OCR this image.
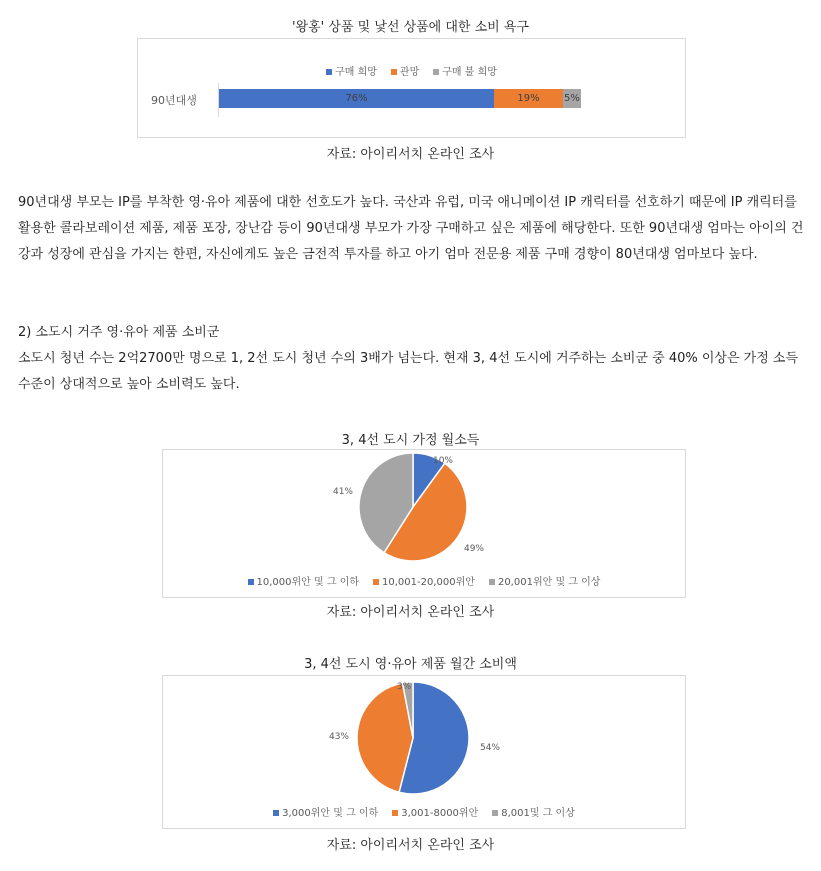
'왕홍' 상품 및 낯선 상품에 대한 소비 욕구
구매 희망 관망 구매 불 희망
90년대생	76%	19%	5%
자료: 아이리서치 온라인 조사
90년대생 부모는 IP를 부착한 영·유아 제품에 대한 선호도가 높다. 국산과 유럽, 미국 애니메이션 IP 캐릭터를 선호하기 때문에 IP 캐릭터를 활용한 콜라보레이션 제품, 제품 포장, 장난감 등이 90년대생 부모가 가장 구매하고 싶은 제품에 해당한다. 또한 90년대생 엄마는 아이의 건강과 성장에 관심을 가지는 한편, 자신에게도 높은 금전적 투자를 하고 아기 엄마 전문용 제품 구매 경향이 80년대생 엄마보다 높다.
2) 소도시 거주 영·유아 제품 소비군
소도시 청년 수는 2억2700만 명으로 1, 2선 도시 청년 수의 3배가 넘는다. 현재 3, 4선 도시에 거주하는 소비군 중 40% 이상은 가정 소득 수준이 상대적으로 높아 소비력도 높다.
3, 4선 도시 가정 월소득
10%
49%
41%
10,000위안 및 그 이하 10,001-20,000위안 20,001위안 및 그 이상
자료: 아이리서치 온라인 조사
3, 4선 도시 영·유아 제품 월간 소비액
54%
43%
3%
3,000위안 및 그 이하 3,001-8000위안 8,001및 그 이상
자료: 아이리서치 온라인 조사
